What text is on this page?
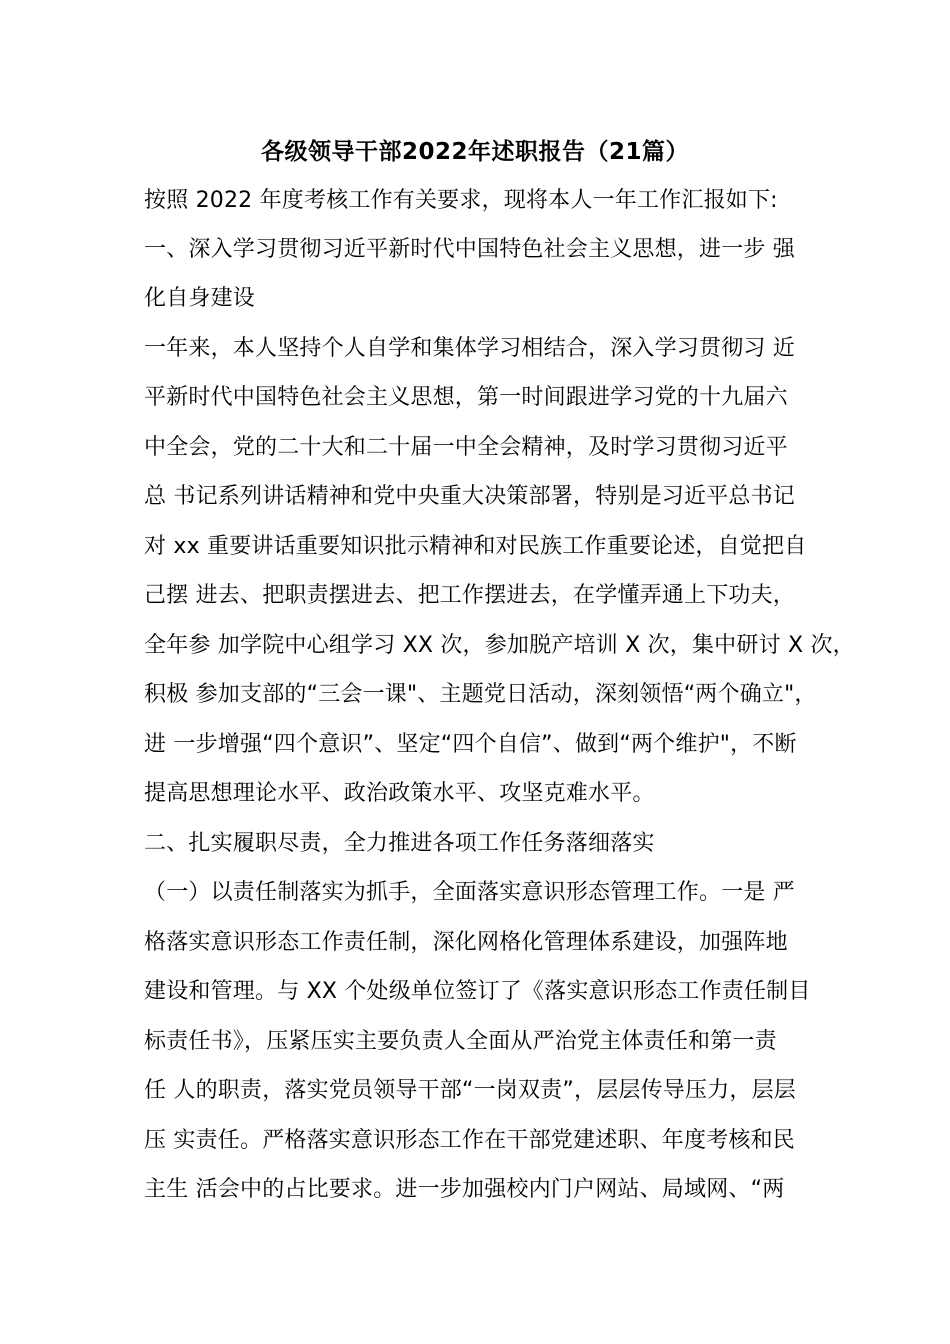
各级领导干部2022年述职报告（21篇）
按照 2022 年度考核工作有关要求，现将本人一年工作汇报如下:
一、深入学习贯彻习近平新时代中国特色社会主义思想，进一步 强
化自身建设
一年来，本人坚持个人自学和集体学习相结合，深入学习贯彻习 近
平新时代中国特色社会主义思想，第一时间跟进学习党的十九届六
中全会，党的二十大和二十届一中全会精神，及时学习贯彻习近平
总 书记系列讲话精神和党中央重大决策部署，特别是习近平总书记
对 xx 重要讲话重要知识批示精神和对民族工作重要论述，自觉把自
己摆 进去、把职责摆进去、把工作摆进去，在学懂弄通上下功夫，
全年参 加学院中心组学习 XX 次，参加脱产培训 X 次，集中研讨 X 次，
积极 参加支部的“三会一课"、主题党日活动，深刻领悟“两个确立"，
进 一步增强“四个意识”、坚定“四个自信”、做到“两个维护"，不断
提高思想理论水平、政治政策水平、攻坚克难水平。
二、扎实履职尽责，全力推进各项工作任务落细落实
（一）以责任制落实为抓手，全面落实意识形态管理工作。一是 严
格落实意识形态工作责任制，深化网格化管理体系建设，加强阵地
建设和管理。与 XX 个处级单位签订了《落实意识形态工作责任制目
标责任书》，压紧压实主要负责人全面从严治党主体责任和第一责
任 人的职责，落实党员领导干部“一岗双责”，层层传导压力，层层
压 实责任。严格落实意识形态工作在干部党建述职、年度考核和民
主生 活会中的占比要求。进一步加强校内门户网站、局域网、“两
